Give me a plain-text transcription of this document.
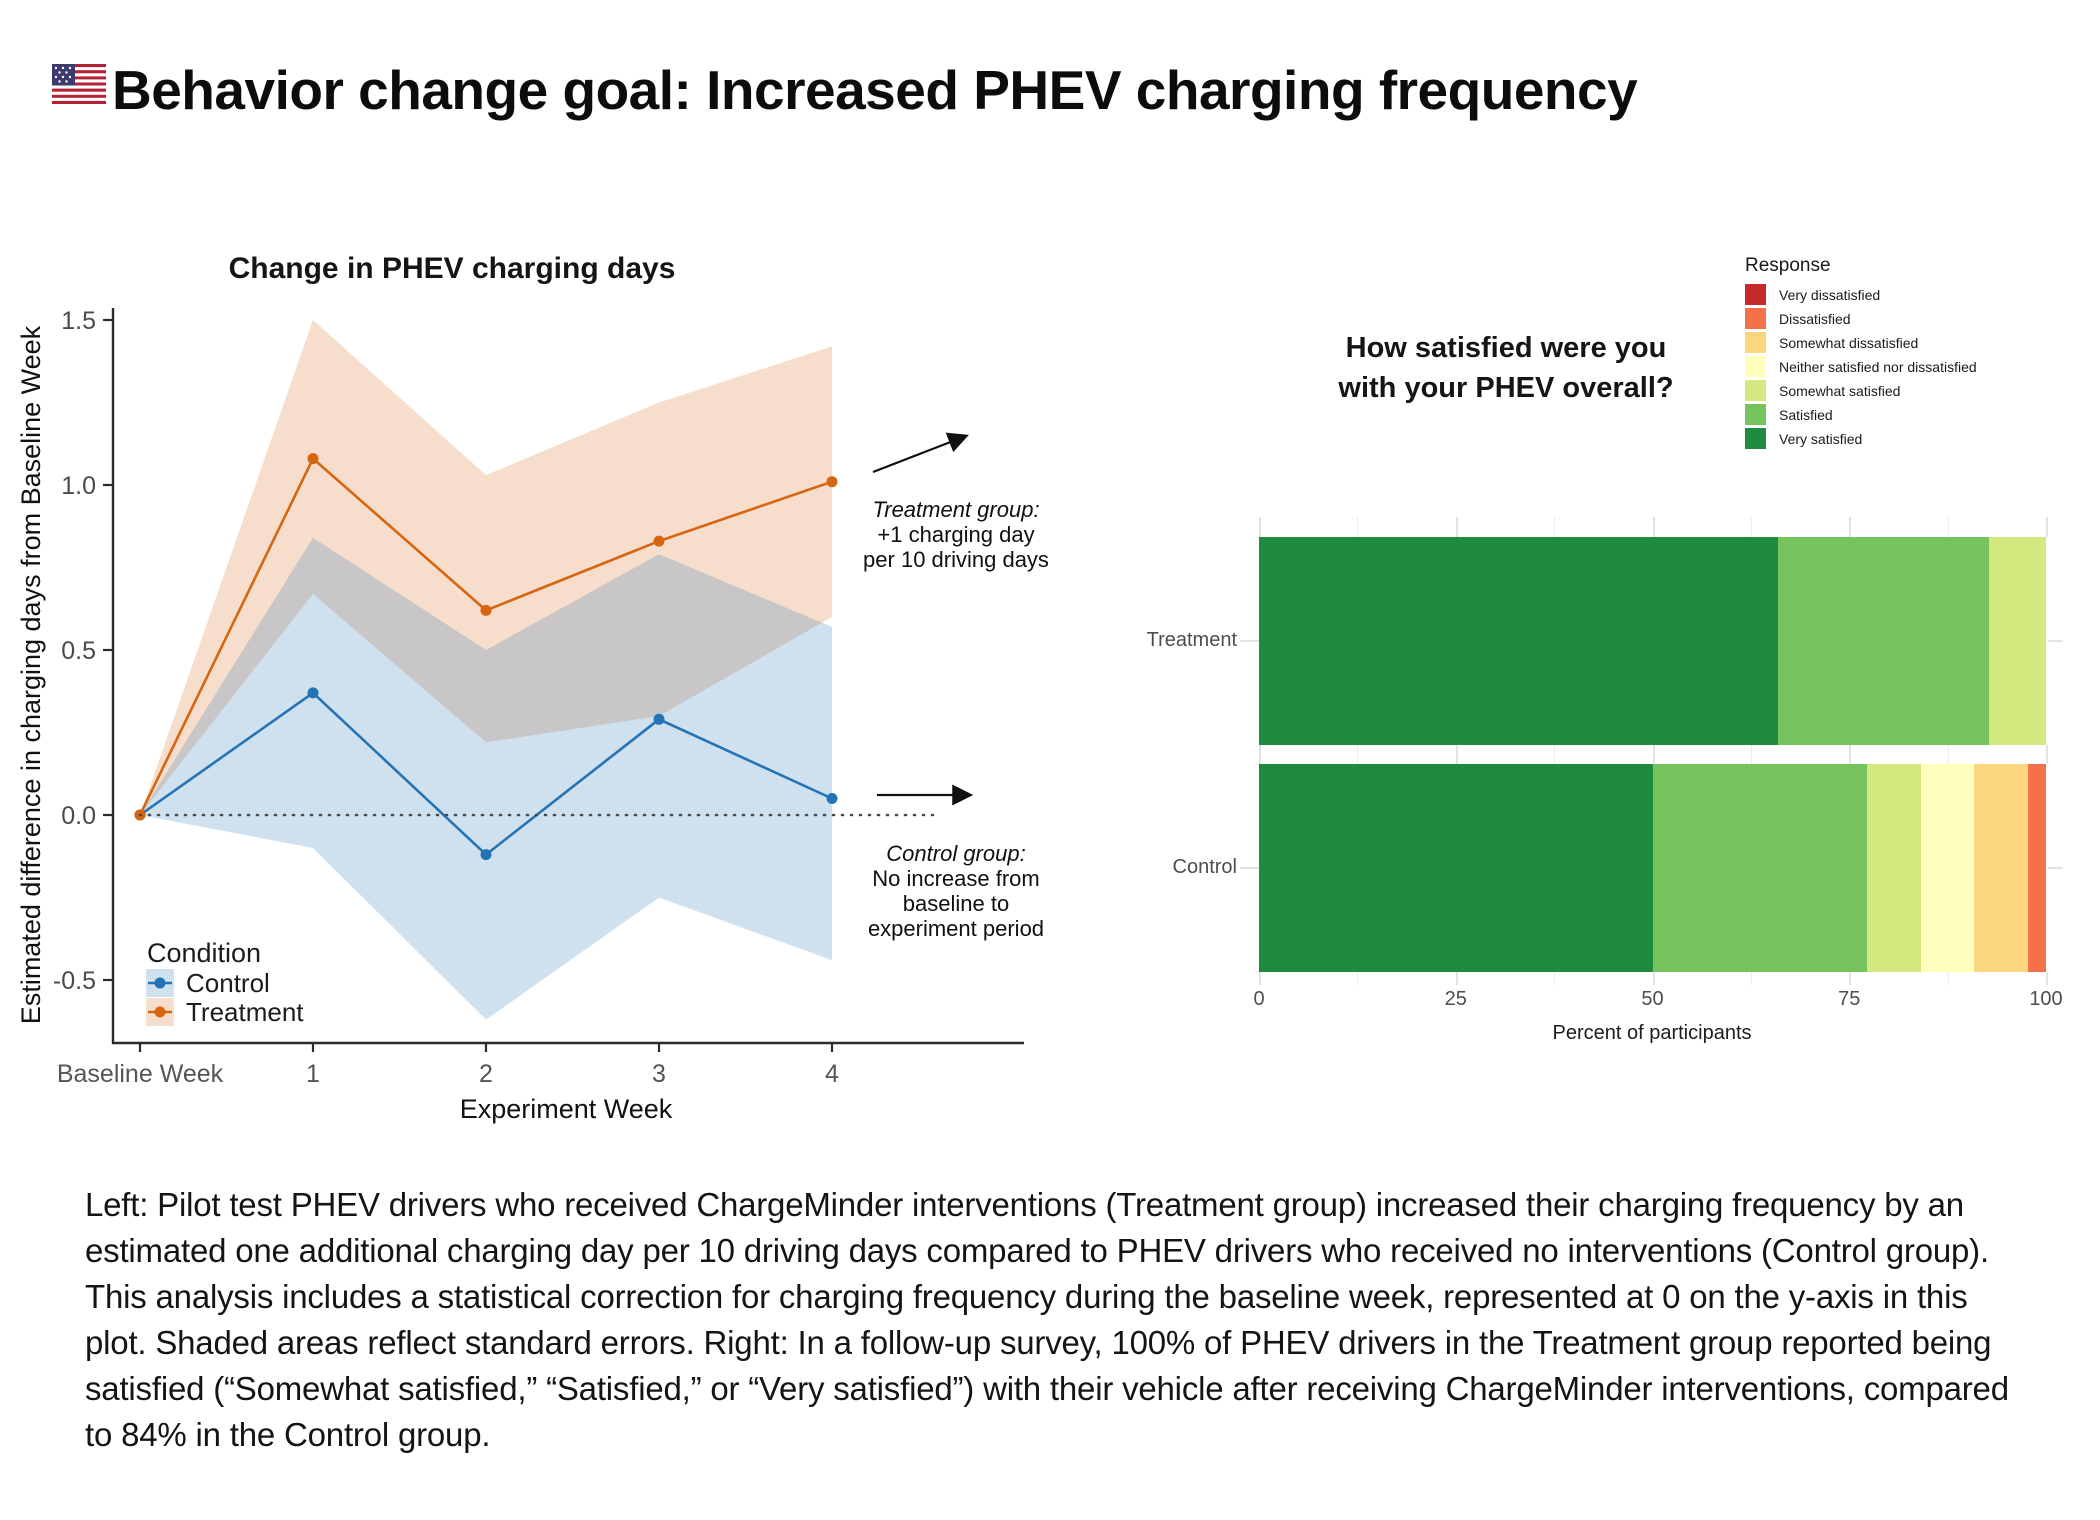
Behavior change goal: Increased PHEV charging frequency
Change in PHEV charging days
1.5
1.0
0.5
0.0
-0.5
Baseline Week	1	2	3	4
Experiment Week
Estimated difference in charging days from Baseline Week	Condition
Control
Treatment
Treatment group:
+1 charging day
per 10 driving days
Control group:
No increase from
baseline to
experiment period
How satisfied were you
with your PHEV overall?
Response
Very dissatisfied
Dissatisfied
Somewhat dissatisfied
Neither satisfied nor dissatisfied
Somewhat satisfied
Satisfied
Very satisfied
Treatment
Control
0	25	50	75	100
Percent of participants
Left: Pilot test PHEV drivers who received ChargeMinder interventions (Treatment group) increased their charging frequency by an estimated one additional charging day per 10 driving days compared to PHEV drivers who received no interventions (Control group). This analysis includes a statistical correction for charging frequency during the baseline week, represented at 0 on the y-axis in this plot. Shaded areas reflect standard errors. Right: In a follow-up survey, 100% of PHEV drivers in the Treatment group reported being satisfied (“Somewhat satisfied,” “Satisfied,” or “Very satisfied”) with their vehicle after receiving ChargeMinder interventions, compared to 84% in the Control group.
